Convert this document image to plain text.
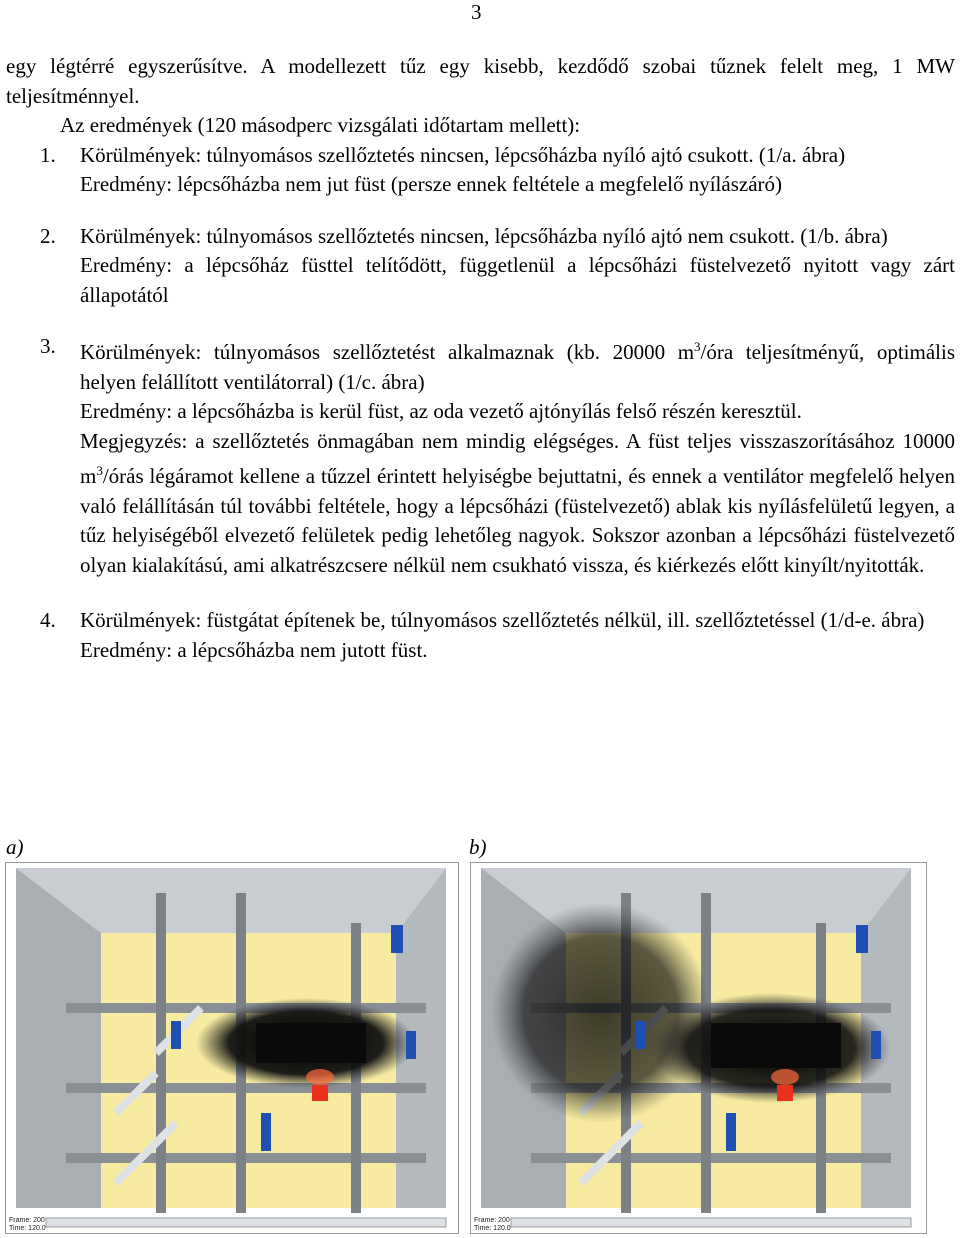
3

egy légtérré egyszerűsítve. A modellezett tűz egy kisebb, kezdődő szobai tűznek felelt meg, 1 MW teljesítménnyel.

Az eredmények (120 másodperc vizsgálati időtartam mellett):

1.	Körülmények: túlnyomásos szellőztetés nincsen, lépcsőházba nyíló ajtó csukott. (1/a. ábra)

Eredmény: lépcsőházba nem jut füst (persze ennek feltétele a megfelelő nyílászáró)

2.	Körülmények: túlnyomásos szellőztetés nincsen, lépcsőházba nyíló ajtó nem csukott. (1/b. ábra)

Eredmény: a lépcsőház füsttel telítődött, függetlenül a lépcsőházi füstelvezető nyitott vagy zárt állapotától

3.	Körülmények: túlnyomásos szellőztetést alkalmaznak (kb. 20000 $m^3$/óra teljesítményű, optimális helyen felállított ventilátorral) (1/c. ábra)

Eredmény: a lépcsőházba is kerül füst, az oda vezető ajtónyílás felső részén keresztül.

Megjegyzés: a szellőztetés önmagában nem mindig elégséges. A füst teljes visszaszorításához 10000 $m^3$/órás légáramot kellene a tűzzel érintett helyiségbe bejuttatni, és ennek a ventilátor megfelelő helyen való felállításán túl további feltétele, hogy a lépcsőházi (füstelvezető) ablak kis nyílásfelületű legyen, a tűz helyiségéből elvezető felületek pedig lehetőleg nagyok. Sokszor azonban a lépcsőházi füstelvezető olyan kialakítású, ami alkatrészcsere nélkül nem csukható vissza, és kiérkezés előtt kinyílt/nyitották.

4.	Körülmények: füstgátat építenek be, túlnyomásos szellőztetés nélkül, ill. szellőztetéssel (1/d-e. ábra)

Eredmény: a lépcsőházba nem jutott füst.

a)	b)
Frame: 200
Time: 120.0
Frame: 200
Time: 120.0
